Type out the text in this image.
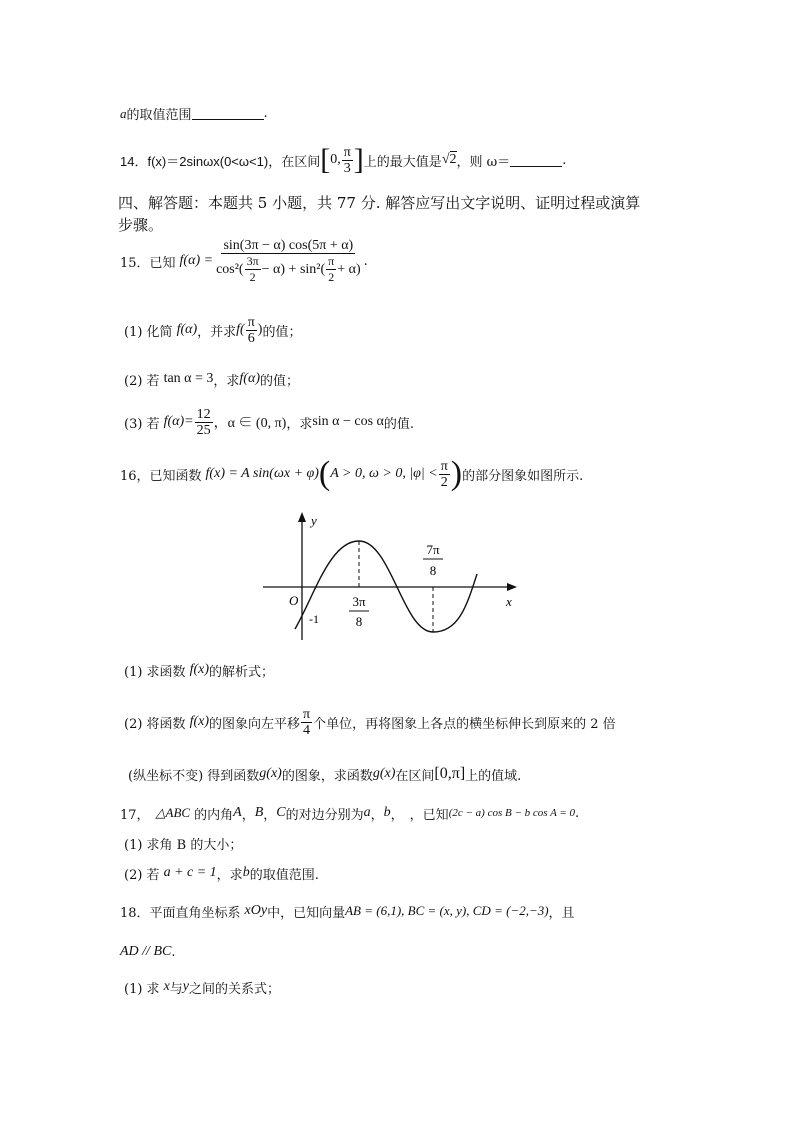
a 的取值范围	.
14． f(x)＝2sinωx(0<ω<1) ，在区间 [ 0, $\frac{\pi}{3}$ ] 上的最大值是 √2 ，则 ω＝	.
四、解答题：本题共 5 小题，共 77 分. 解答应写出文字说明、证明过程或演算
步骤。
15．已知 f(α) =
sin(3π − α) cos(5π + α)
$\cos^2( \frac{3\pi}{2} - \alpha) + \sin^2( \frac{\pi}{2} + \alpha)$
.
(1) 化简 f(α) ，并求 $f( \frac{\pi}{6}$ ) 的值；
(2) 若 tan α = 3 ，求 f(α) 的值；
(3) 若 $f(\alpha)= \frac{12}{25}$ ，α ∈ (0, π) ，求 sin α − cos α 的值.
16，已知函数 f(x) = A sin(ωx + φ) ( A > 0, ω > 0, $|\varphi| < \frac{\pi}{2}$ ) 的部分图象如图所示.
y
x
O
-1
3π
8
7π
8
(1) 求函数 f(x) 的解析式；
(2) 将函数 f(x) 的图象向左平移 $\frac{\pi}{4}$ 个单位，再将图象上各点的横坐标伸长到原来的 2 倍
(纵坐标不变) 得到函数 g(x) 的图象，求函数 g(x) 在区间 [0,π] 上的值域.
17， △ABC 的内角 A ， B ， C 的对边分别为 a ， b ， ，已知 (2c − a) cos B − b cos A = 0 .
(1) 求角 B 的大小；
(2) 若 a + c = 1 ，求 b 的取值范围.
18．平面直角坐标系 xOy 中，已知向量 AB = (6,1), BC = (x, y), CD = (−2,−3) ，且
AD // BC .
(1) 求 x 与 y 之间的关系式；
